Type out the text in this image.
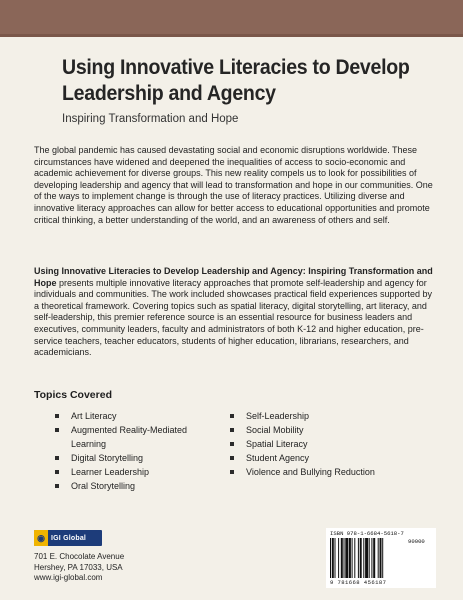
Using Innovative Literacies to Develop Leadership and Agency
Inspiring Transformation and Hope
The global pandemic has caused devastating social and economic disruptions worldwide. These circumstances have widened and deepened the inequalities of access to socio-economic and academic achievement for diverse groups. This new reality compels us to look for possibilities of developing leadership and agency that will lead to transformation and hope in our communities. One of the ways to implement change is through the use of literacy practices. Utilizing diverse and innovative literacy approaches can allow for better access to educational opportunities and promote critical thinking, a better understanding of the world, and an awareness of others and self.
Using Innovative Literacies to Develop Leadership and Agency: Inspiring Transformation and Hope presents multiple innovative literacy approaches that promote self-leadership and agency for individuals and communities. The work included showcases practical field experiences supported by a theoretical framework. Covering topics such as spatial literacy, digital storytelling, art literacy, and self-leadership, this premier reference source is an essential resource for business leaders and executives, community leaders, faculty and administrators of both K-12 and higher education, pre-service teachers, teacher educators, students of higher education, librarians, researchers, and academicians.
Topics Covered
Art Literacy
Augmented Reality-Mediated Learning
Digital Storytelling
Learner Leadership
Oral Storytelling
Self-Leadership
Social Mobility
Spatial Literacy
Student Agency
Violence and Bullying Reduction
◉ IGI Global
701 E. Chocolate Avenue
Hershey, PA 17033, USA
www.igi-global.com
ISBN 978-1-6684-5618-7
90000
9 781668 456187
